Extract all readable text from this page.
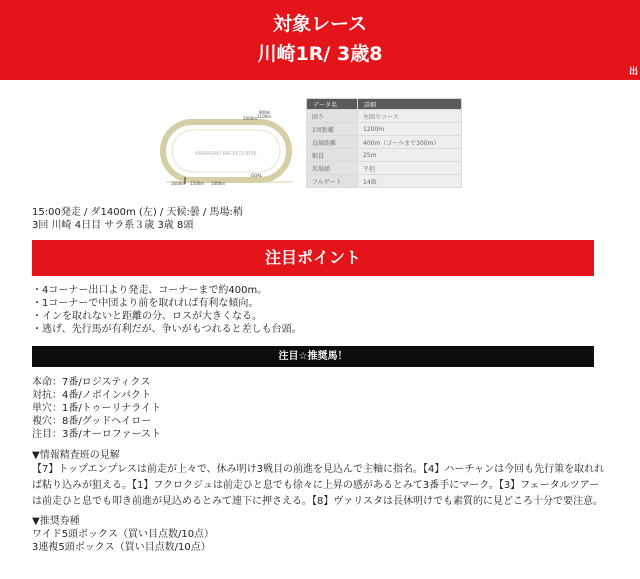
対象レース
川崎1R/ 3歳8
出
KAWASAKI RACECOURSE
2000m
900m
2100m
1600m 1500m 1400m
GOAL
データ名	詳細
回り	左回りコース
1周距離	1200m
直線距離	400m（ゴールまで300m）
幅員	25m
馬場傾	平坦
フルゲート	14頭
15:00発走 / ダ1400m (左) / 天候:曇 / 馬場:稍
3回 川崎 4日目 サラ系３歳 3歳 8頭
注目ポイント
・4コーナー出口より発走、コーナーまで約400m。
・1コーナーで中団より前を取れれば有利な傾向。
・インを取れないと距離の分、ロスが大きくなる。
・逃げ、先行馬が有利だが、争いがもつれると差しも台頭。
注目☆推奨馬！
本命：7番/ロジスティクス
対抗：4番/ノボインパクト
単穴：1番/トゥーリナライト
複穴：8番/グッドヘイロー
注目：3番/オーロファースト
▼情報精査班の見解
【7】トップエンプレスは前走が上々で、休み明け3戦目の前進を見込んで主軸に指名。【4】ハーチャンは今回も先行策を取れれば粘り込みが狙える。【1】フクロクジュは前走ひと息でも徐々に上昇の感があるとみて3番手にマーク。【3】フェータルツアーは前走ひと息でも叩き前進が見込めるとみて連下に押さえる。【8】ヴァリスタは長休明けでも素質的に見どころ十分で要注意。
▼推奨券種
ワイド5頭ボックス（買い目点数/10点）
3連複5頭ボックス（買い目点数/10点）
